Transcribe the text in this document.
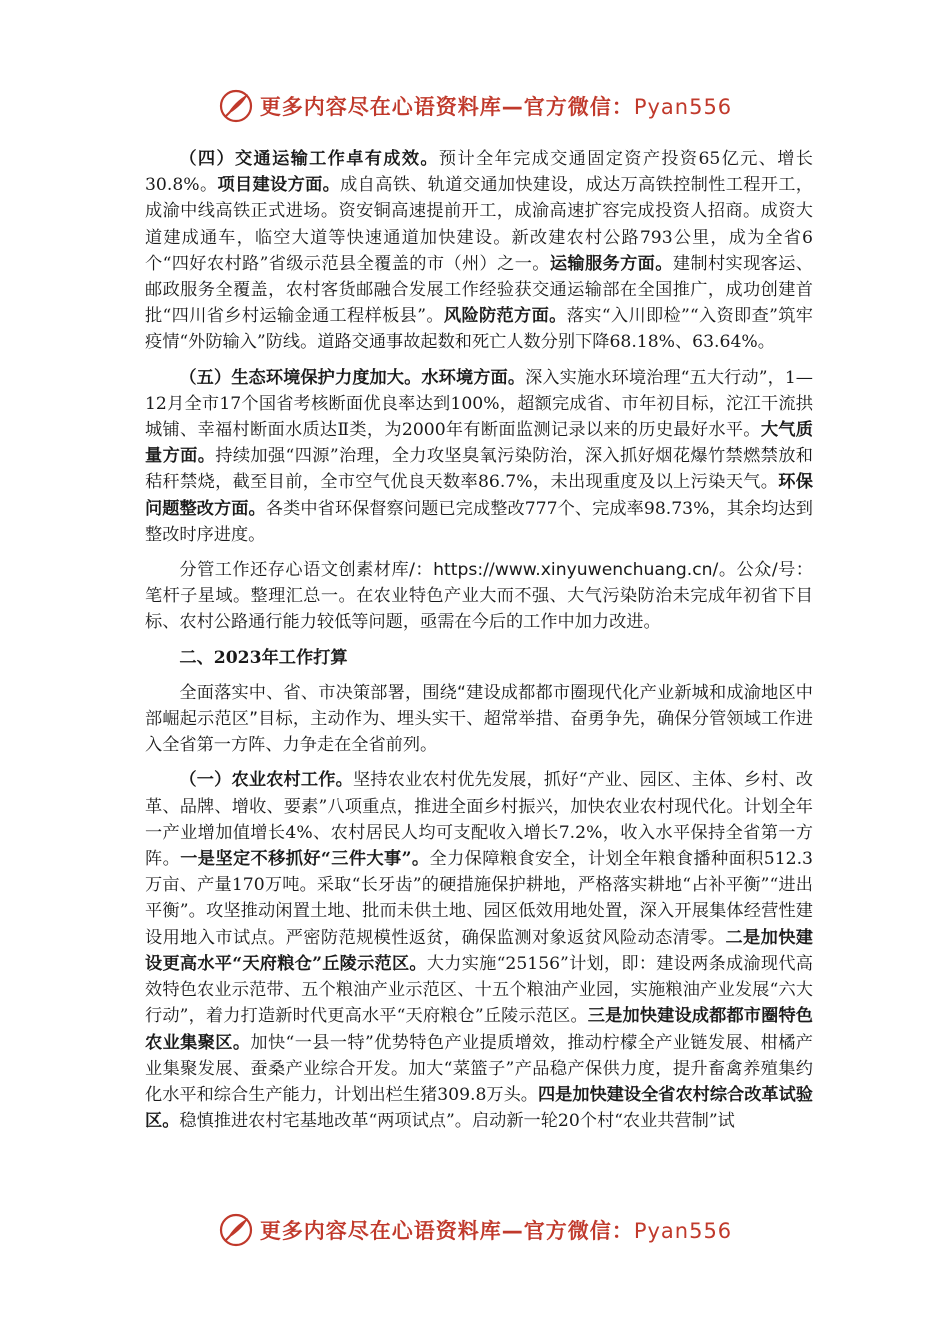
更多内容尽在心语资料库—官方微信：Pyan556

（四）交通运输工作卓有成效。预计全年完成交通固定资产投资65亿元、增长30.8%。项目建设方面。成自高铁、轨道交通加快建设，成达万高铁控制性工程开工，成渝中线高铁正式进场。资安铜高速提前开工，成渝高速扩容完成投资人招商。成资大道建成通车，临空大道等快速通道加快建设。新改建农村公路793公里，成为全省6个“四好农村路”省级示范县全覆盖的市（州）之一。运输服务方面。建制村实现客运、邮政服务全覆盖，农村客货邮融合发展工作经验获交通运输部在全国推广，成功创建首批“四川省乡村运输金通工程样板县”。风险防范方面。落实“入川即检”“入资即查”筑牢疫情“外防输入”防线。道路交通事故起数和死亡人数分别下降68.18%、63.64%。

（五）生态环境保护力度加大。水环境方面。深入实施水环境治理“五大行动”，1—12月全市17个国省考核断面优良率达到100%，超额完成省、市年初目标，沱江干流拱城铺、幸福村断面水质达Ⅱ类，为2000年有断面监测记录以来的历史最好水平。大气质量方面。持续加强“四源”治理，全力攻坚臭氧污染防治，深入抓好烟花爆竹禁燃禁放和秸秆禁烧，截至目前，全市空气优良天数率86.7%，未出现重度及以上污染天气。环保问题整改方面。各类中省环保督察问题已完成整改777个、完成率98.73%，其余均达到整改时序进度。

分管工作还存心语文创素材库/：https://www.xinyuwenchuang.cn/。公众/号：笔杆子星域。整理汇总一。在农业特色产业大而不强、大气污染防治未完成年初省下目标、农村公路通行能力较低等问题，亟需在今后的工作中加力改进。

二、2023年工作打算

全面落实中、省、市决策部署，围绕“建设成都都市圈现代化产业新城和成渝地区中部崛起示范区”目标，主动作为、埋头实干、超常举措、奋勇争先，确保分管领域工作进入全省第一方阵、力争走在全省前列。

（一）农业农村工作。坚持农业农村优先发展，抓好“产业、园区、主体、乡村、改革、品牌、增收、要素”八项重点，推进全面乡村振兴，加快农业农村现代化。计划全年一产业增加值增长4%、农村居民人均可支配收入增长7.2%，收入水平保持全省第一方阵。一是坚定不移抓好“三件大事”。全力保障粮食安全，计划全年粮食播种面积512.3万亩、产量170万吨。采取“长牙齿”的硬措施保护耕地，严格落实耕地“占补平衡”“进出平衡”。攻坚推动闲置土地、批而未供土地、园区低效用地处置，深入开展集体经营性建设用地入市试点。严密防范规模性返贫，确保监测对象返贫风险动态清零。二是加快建设更高水平“天府粮仓”丘陵示范区。大力实施“25156”计划，即：建设两条成渝现代高效特色农业示范带、五个粮油产业示范区、十五个粮油产业园，实施粮油产业发展“六大行动”，着力打造新时代更高水平“天府粮仓”丘陵示范区。三是加快建设成都都市圈特色农业集聚区。加快“一县一特”优势特色产业提质增效，推动柠檬全产业链发展、柑橘产业集聚发展、蚕桑产业综合开发。加大“菜篮子”产品稳产保供力度，提升畜禽养殖集约化水平和综合生产能力，计划出栏生猪309.8万头。四是加快建设全省农村综合改革试验区。稳慎推进农村宅基地改革“两项试点”。启动新一轮20个村“农业共营制”试

更多内容尽在心语资料库—官方微信：Pyan556
